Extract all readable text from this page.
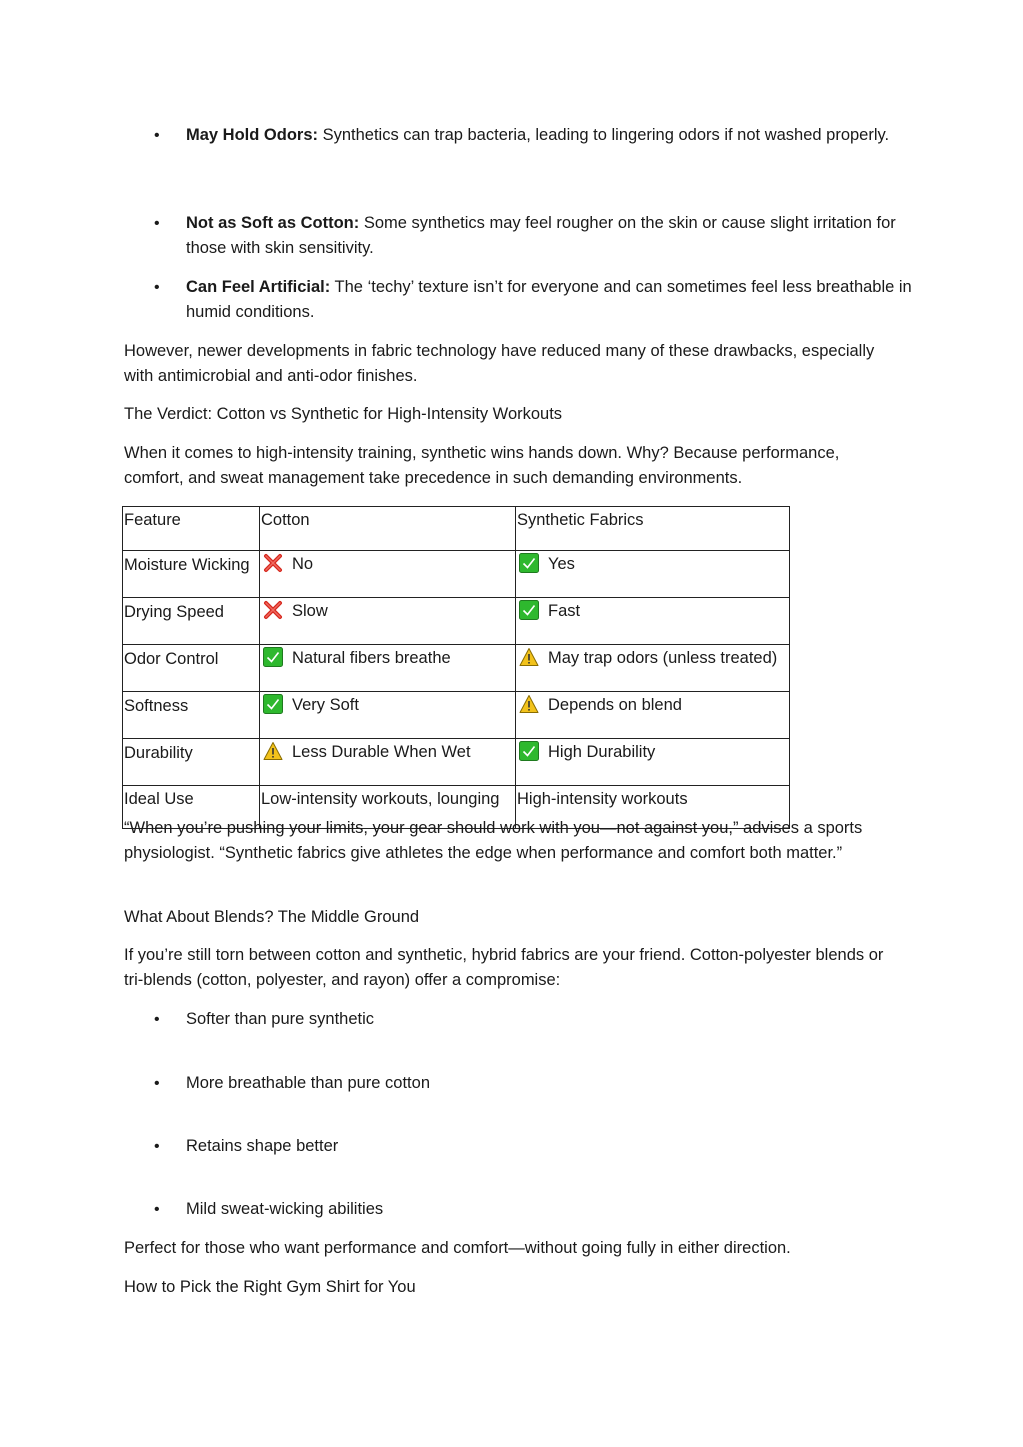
• May Hold Odors: Synthetics can trap bacteria, leading to lingering odors if not washed properly.
• Not as Soft as Cotton: Some synthetics may feel rougher on the skin or cause slight irritation for those with skin sensitivity.
• Can Feel Artificial: The ‘techy’ texture isn’t for everyone and can sometimes feel less breathable in humid conditions.

However, newer developments in fabric technology have reduced many of these drawbacks, especially with antimicrobial and anti-odor finishes.

The Verdict: Cotton vs Synthetic for High-Intensity Workouts

When it comes to high-intensity training, synthetic wins hands down. Why? Because performance, comfort, and sweat management take precedence in such demanding environments.

Feature	Cotton	Synthetic Fabrics
Moisture Wicking	No	Yes
Drying Speed	Slow	Fast
Odor Control	Natural fibers breathe	May trap odors (unless treated)
Softness	Very Soft	Depends on blend
Durability	Less Durable When Wet	High Durability
Ideal Use	Low-intensity workouts, lounging	High-intensity workouts

“When you’re pushing your limits, your gear should work with you—not against you,” advises a sports physiologist. “Synthetic fabrics give athletes the edge when performance and comfort both matter.”

What About Blends? The Middle Ground

If you’re still torn between cotton and synthetic, hybrid fabrics are your friend. Cotton-polyester blends or tri-blends (cotton, polyester, and rayon) offer a compromise:

• Softer than pure synthetic
• More breathable than pure cotton
• Retains shape better
• Mild sweat-wicking abilities

Perfect for those who want performance and comfort—without going fully in either direction.

How to Pick the Right Gym Shirt for You
